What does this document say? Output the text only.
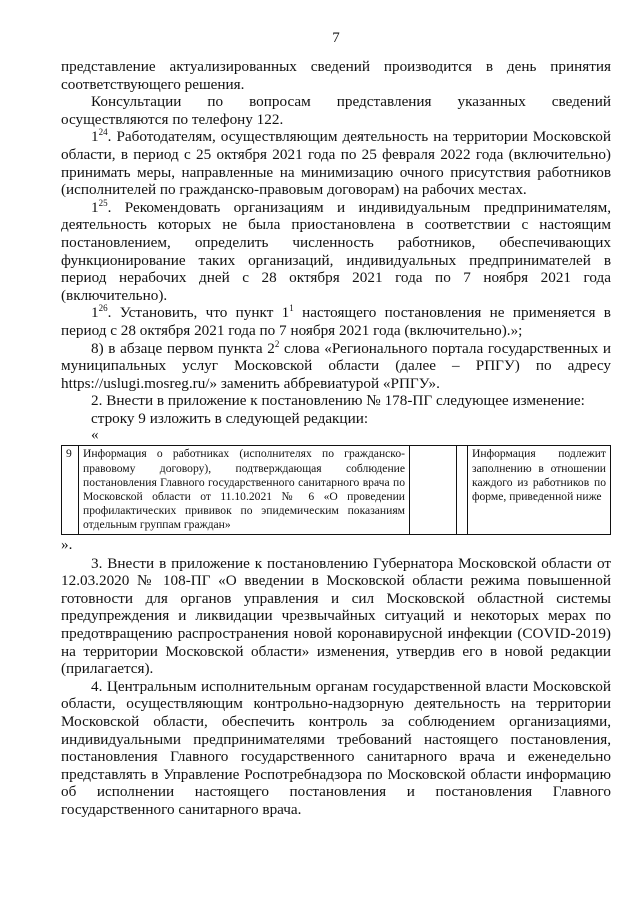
7

представление актуализированных сведений производится в день принятия соответствующего решения.

Консультации по вопросам представления указанных сведений осуществляются по телефону 122.

$1^{24}$. Работодателям, осуществляющим деятельность на территории Московской области, в период с 25 октября 2021 года по 25 февраля 2022 года (включительно) принимать меры, направленные на минимизацию очного присутствия работников (исполнителей по гражданско-правовым договорам) на рабочих местах.

$1^{25}$. Рекомендовать организациям и индивидуальным предпринимателям, деятельность которых не была приостановлена в соответствии с настоящим постановлением, определить численность работников, обеспечивающих функционирование таких организаций, индивидуальных предпринимателей в период нерабочих дней с 28 октября 2021 года по 7 ноября 2021 года (включительно).

$1^{26}$. Установить, что пункт $1^1$ настоящего постановления не применяется в период с 28 октября 2021 года по 7 ноября 2021 года (включительно).»;

8) в абзаце первом пункта $2^2$ слова «Регионального портала государственных и муниципальных услуг Московской области (далее – РПГУ) по адресу https://uslugi.mosreg.ru/» заменить аббревиатурой «РПГУ».

2. Внести в приложение к постановлению № 178-ПГ следующее изменение:

строку 9 изложить в следующей редакции:

«

9	Информация о работниках (исполнителях по гражданско-правовому договору), подтверждающая соблюдение постановления Главного государственного санитарного врача по Московской области от 11.10.2021 № 6 «О проведении профилактических прививок по эпидемическим показаниям отдельным группам граждан»			Информация подлежит заполнению в отношении каждого из работников по форме, приведенной ниже

».

3. Внести в приложение к постановлению Губернатора Московской области от 12.03.2020 № 108-ПГ «О введении в Московской области режима повышенной готовности для органов управления и сил Московской областной системы предупреждения и ликвидации чрезвычайных ситуаций и некоторых мерах по предотвращению распространения новой коронавирусной инфекции (COVID-2019) на территории Московской области» изменения, утвердив его в новой редакции (прилагается).

4. Центральным исполнительным органам государственной власти Московской области, осуществляющим контрольно-надзорную деятельность на территории Московской области, обеспечить контроль за соблюдением организациями, индивидуальными предпринимателями требований настоящего постановления, постановления Главного государственного санитарного врача и еженедельно представлять в Управление Роспотребнадзора по Московской области информацию об исполнении настоящего постановления и постановления Главного государственного санитарного врача.
